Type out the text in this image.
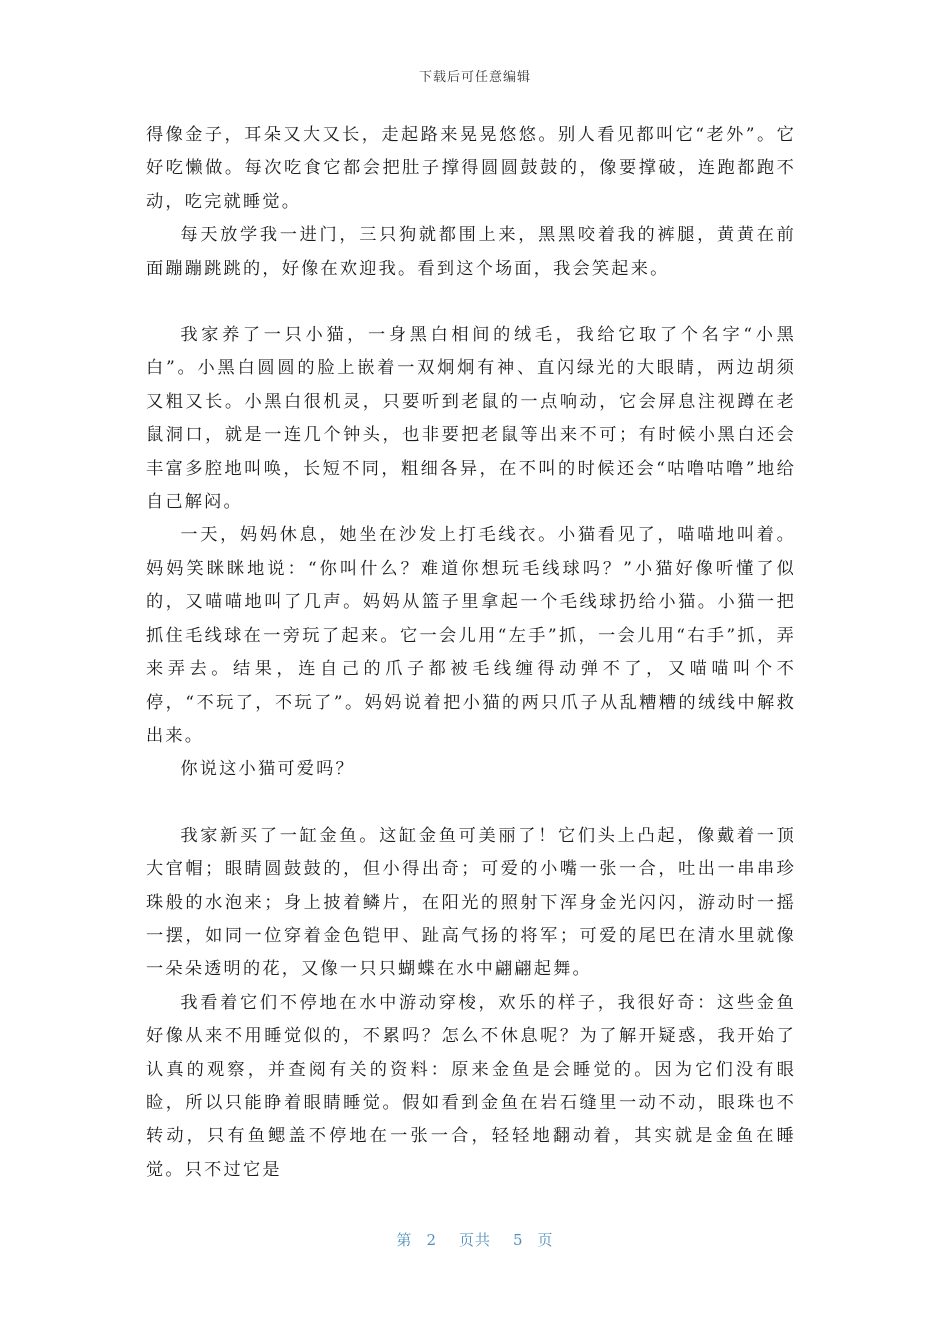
下载后可任意编辑

得像金子，耳朵又大又长，走起路来晃晃悠悠。别人看见都叫它“老外”。它好吃懒做。每次吃食它都会把肚子撑得圆圆鼓鼓的，像要撑破，连跑都跑不动，吃完就睡觉。

每天放学我一进门，三只狗就都围上来，黑黑咬着我的裤腿，黄黄在前面蹦蹦跳跳的，好像在欢迎我。看到这个场面，我会笑起来。

我家养了一只小猫，一身黑白相间的绒毛，我给它取了个名字“小黑白”。小黑白圆圆的脸上嵌着一双炯炯有神、直闪绿光的大眼睛，两边胡须又粗又长。小黑白很机灵，只要听到老鼠的一点响动，它会屏息注视蹲在老鼠洞口，就是一连几个钟头，也非要把老鼠等出来不可；有时候小黑白还会丰富多腔地叫唤，长短不同，粗细各异，在不叫的时候还会“咕噜咕噜”地给自己解闷。

一天，妈妈休息，她坐在沙发上打毛线衣。小猫看见了，喵喵地叫着。妈妈笑眯眯地说：“你叫什么？难道你想玩毛线球吗？”小猫好像听懂了似的，又喵喵地叫了几声。妈妈从篮子里拿起一个毛线球扔给小猫。小猫一把抓住毛线球在一旁玩了起来。它一会儿用“左手”抓，一会儿用“右手”抓，弄来弄去。结果，连自己的爪子都被毛线缠得动弹不了，又喵喵叫个不停，“不玩了，不玩了”。妈妈说着把小猫的两只爪子从乱糟糟的绒线中解救出来。

你说这小猫可爱吗？

我家新买了一缸金鱼。这缸金鱼可美丽了！它们头上凸起，像戴着一顶大官帽；眼睛圆鼓鼓的，但小得出奇；可爱的小嘴一张一合，吐出一串串珍珠般的水泡来；身上披着鳞片，在阳光的照射下浑身金光闪闪，游动时一摇一摆，如同一位穿着金色铠甲、趾高气扬的将军；可爱的尾巴在清水里就像一朵朵透明的花，又像一只只蝴蝶在水中翩翩起舞。

我看着它们不停地在水中游动穿梭，欢乐的样子，我很好奇：这些金鱼好像从来不用睡觉似的，不累吗？怎么不休息呢？为了解开疑惑，我开始了认真的观察，并查阅有关的资料：原来金鱼是会睡觉的。因为它们没有眼睑，所以只能睁着眼睛睡觉。假如看到金鱼在岩石缝里一动不动，眼珠也不转动，只有鱼鳃盖不停地在一张一合，轻轻地翻动着，其实就是金鱼在睡觉。只不过它是

第 2 页共 5 页
